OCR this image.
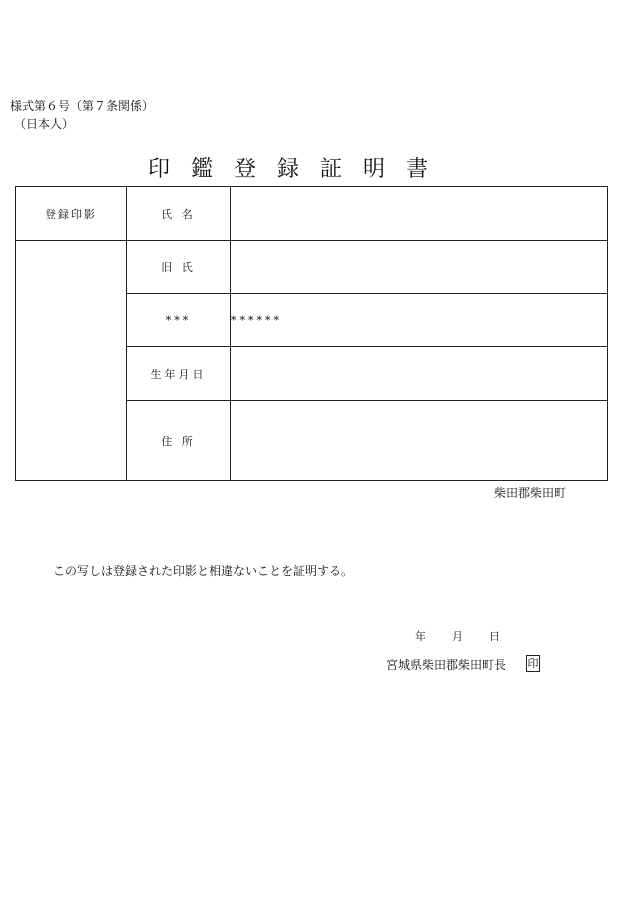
様式第６号（第７条関係）
（日本人）
印鑑登録証明書
登録印影	氏 名	
	旧 氏	
	***	******
	生年月日	
	住 所	
柴田郡柴田町
この写しは登録された印影と相違ないことを証明する。
年 月 日
宮城県柴田郡柴田町長 印
